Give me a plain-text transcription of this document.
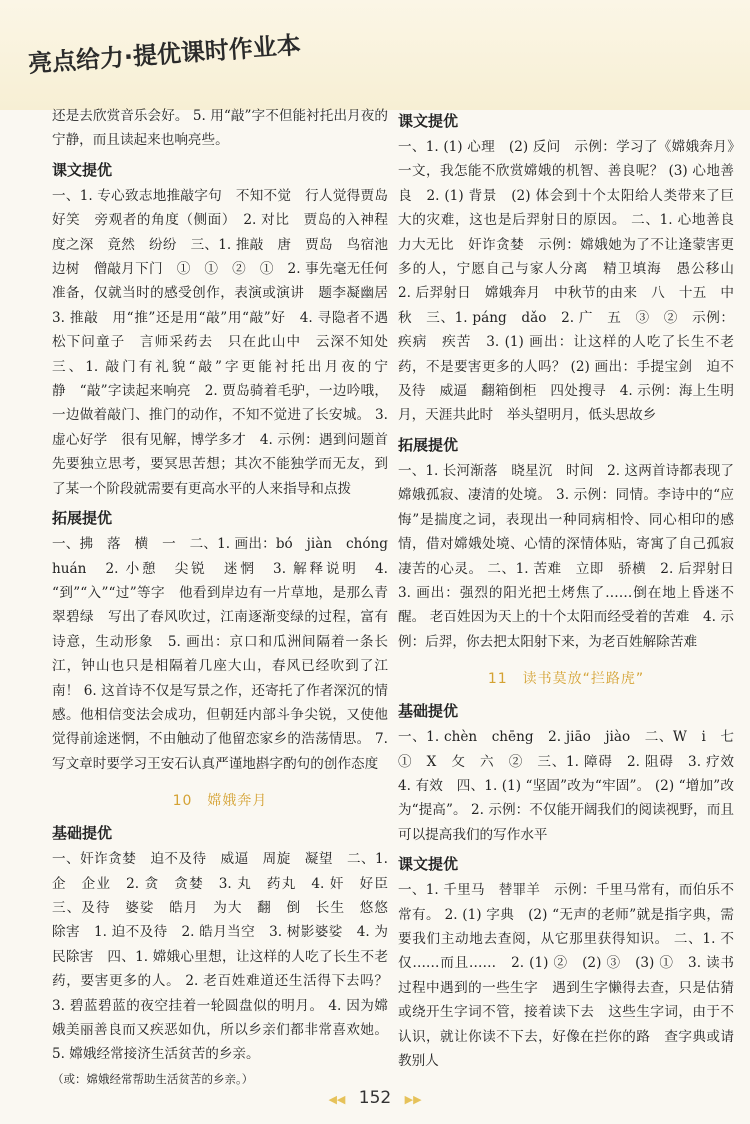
亮点给力·提优课时作业本

还是去欣赏音乐会好。 5. 用“敲”字不但能衬托出月夜的宁静，而且读起来也响亮些。

课文提优

一、1. 专心致志地推敲字句　不知不觉　行人觉得贾岛好笑　旁观者的角度（侧面）　2. 对比　贾岛的入神程度之深　竟然　纷纷　三、1. 推敲　唐　贾岛　鸟宿池边树　僧敲月下门　①　①　②　①　2. 事先毫无任何准备，仅就当时的感受创作，表演或演讲　题李凝幽居　3. 推敲　用“推”还是用“敲”用“敲”好　4. 寻隐者不遇　松下问童子　言师采药去　只在此山中　云深不知处　三、1. 敲门有礼貌“敲”字更能衬托出月夜的宁静　“敲”字读起来响亮　2. 贾岛骑着毛驴，一边吟哦，一边做着敲门、推门的动作，不知不觉进了长安城。 3. 虚心好学　很有见解，博学多才　4. 示例：遇到问题首先要独立思考，要冥思苦想；其次不能独学而无友，到了某一个阶段就需要有更高水平的人来指导和点拨

拓展提优

一、拂　落　横　一　二、1. 画出：bó　jiàn　chóng　huán　2. 小憩　尖锐　迷惘　3. 解释说明　4. “到”“入”“过”等字　他看到岸边有一片草地，是那么青翠碧绿　写出了春风吹过，江南逐渐变绿的过程，富有诗意，生动形象　5. 画出：京口和瓜洲间隔着一条长江，钟山也只是相隔着几座大山，春风已经吹到了江南！ 6. 这首诗不仅是写景之作，还寄托了作者深沉的情感。他相信变法会成功，但朝廷内部斗争尖锐，又使他觉得前途迷惘，不由触动了他留恋家乡的浩荡情思。 7. 写文章时要学习王安石认真严谨地斟字酌句的创作态度

10　嫦娥奔月
基础提优

一、奸诈贪婪　迫不及待　威逼　周旋　凝望　二、1. 企　企业　2. 贪　贪婪　3. 丸　药丸　4. 奸　好臣　三、及待　婆娑　皓月　为大　翻　倒　长生　悠悠　除害　1. 迫不及待　2. 皓月当空　3. 树影婆娑　4. 为民除害　四、1. 嫦娥心里想，让这样的人吃了长生不老药，要害更多的人。 2. 老百姓难道还生活得下去吗？ 3. 碧蓝碧蓝的夜空挂着一轮圆盘似的明月。 4. 因为嫦娥美丽善良而又疾恶如仇，所以乡亲们都非常喜欢她。 5. 嫦娥经常接济生活贫苦的乡亲。

（或：嫦娥经常帮助生活贫苦的乡亲。）

课文提优

一、1. (1) 心理　(2) 反问　示例：学习了《嫦娥奔月》一文，我怎能不欣赏嫦娥的机智、善良呢？ (3) 心地善良　2. (1) 背景　(2) 体会到十个太阳给人类带来了巨大的灾难，这也是后羿射日的原因。 二、1. 心地善良　力大无比　奸诈贪婪　示例：嫦娥她为了不让逢蒙害更多的人，宁愿自己与家人分离　精卫填海　愚公移山　2. 后羿射日　嫦娥奔月　中秋节的由来　八　十五　中秋　三、1. páng　dǎo　2. 广　五　③　②　示例：疾病　疾苦　3. (1) 画出：让这样的人吃了长生不老药，不是要害更多的人吗？ (2) 画出：手提宝剑　迫不及待　威逼　翻箱倒柜　四处搜寻　4. 示例：海上生明月，天涯共此时　举头望明月，低头思故乡

拓展提优

一、1. 长河渐落　晓星沉　时间　2. 这两首诗都表现了嫦娥孤寂、凄清的处境。 3. 示例：同情。李诗中的“应悔”是揣度之词，表现出一种同病相怜、同心相印的感情，借对嫦娥处境、心情的深情体贴，寄寓了自己孤寂凄苦的心灵。 二、1. 苦难　立即　骄横　2. 后羿射日　3. 画出：强烈的阳光把土烤焦了……倒在地上昏迷不醒。 老百姓因为天上的十个太阳而经受着的苦难　4. 示例：后羿，你去把太阳射下来，为老百姓解除苦难

11　读书莫放“拦路虎”
基础提优

一、1. chèn　chēng　2. jiāo　jiào　二、W　i　七　①　X　攵　六　②　三、1. 障碍　2. 阻碍　3. 疗效　4. 有效　四、1. (1) “坚固”改为“牢固”。 (2) “增加”改为“提高”。 2. 示例：不仅能开阔我们的阅读视野，而且可以提高我们的写作水平

课文提优

一、1. 千里马　替罪羊　示例：千里马常有，而伯乐不常有。 2. (1) 字典　(2) “无声的老师”就是指字典，需要我们主动地去查阅，从它那里获得知识。 二、1. 不仅……而且……　2. (1) ②　(2) ③　(3) ①　3. 读书过程中遇到的一些生字　遇到生字懒得去查，只是估猜或绕开生字词不管，接着读下去　这些生字词，由于不认识，就让你读不下去，好像在拦你的路　查字典或请教别人

◀◀ 152 ▶▶
